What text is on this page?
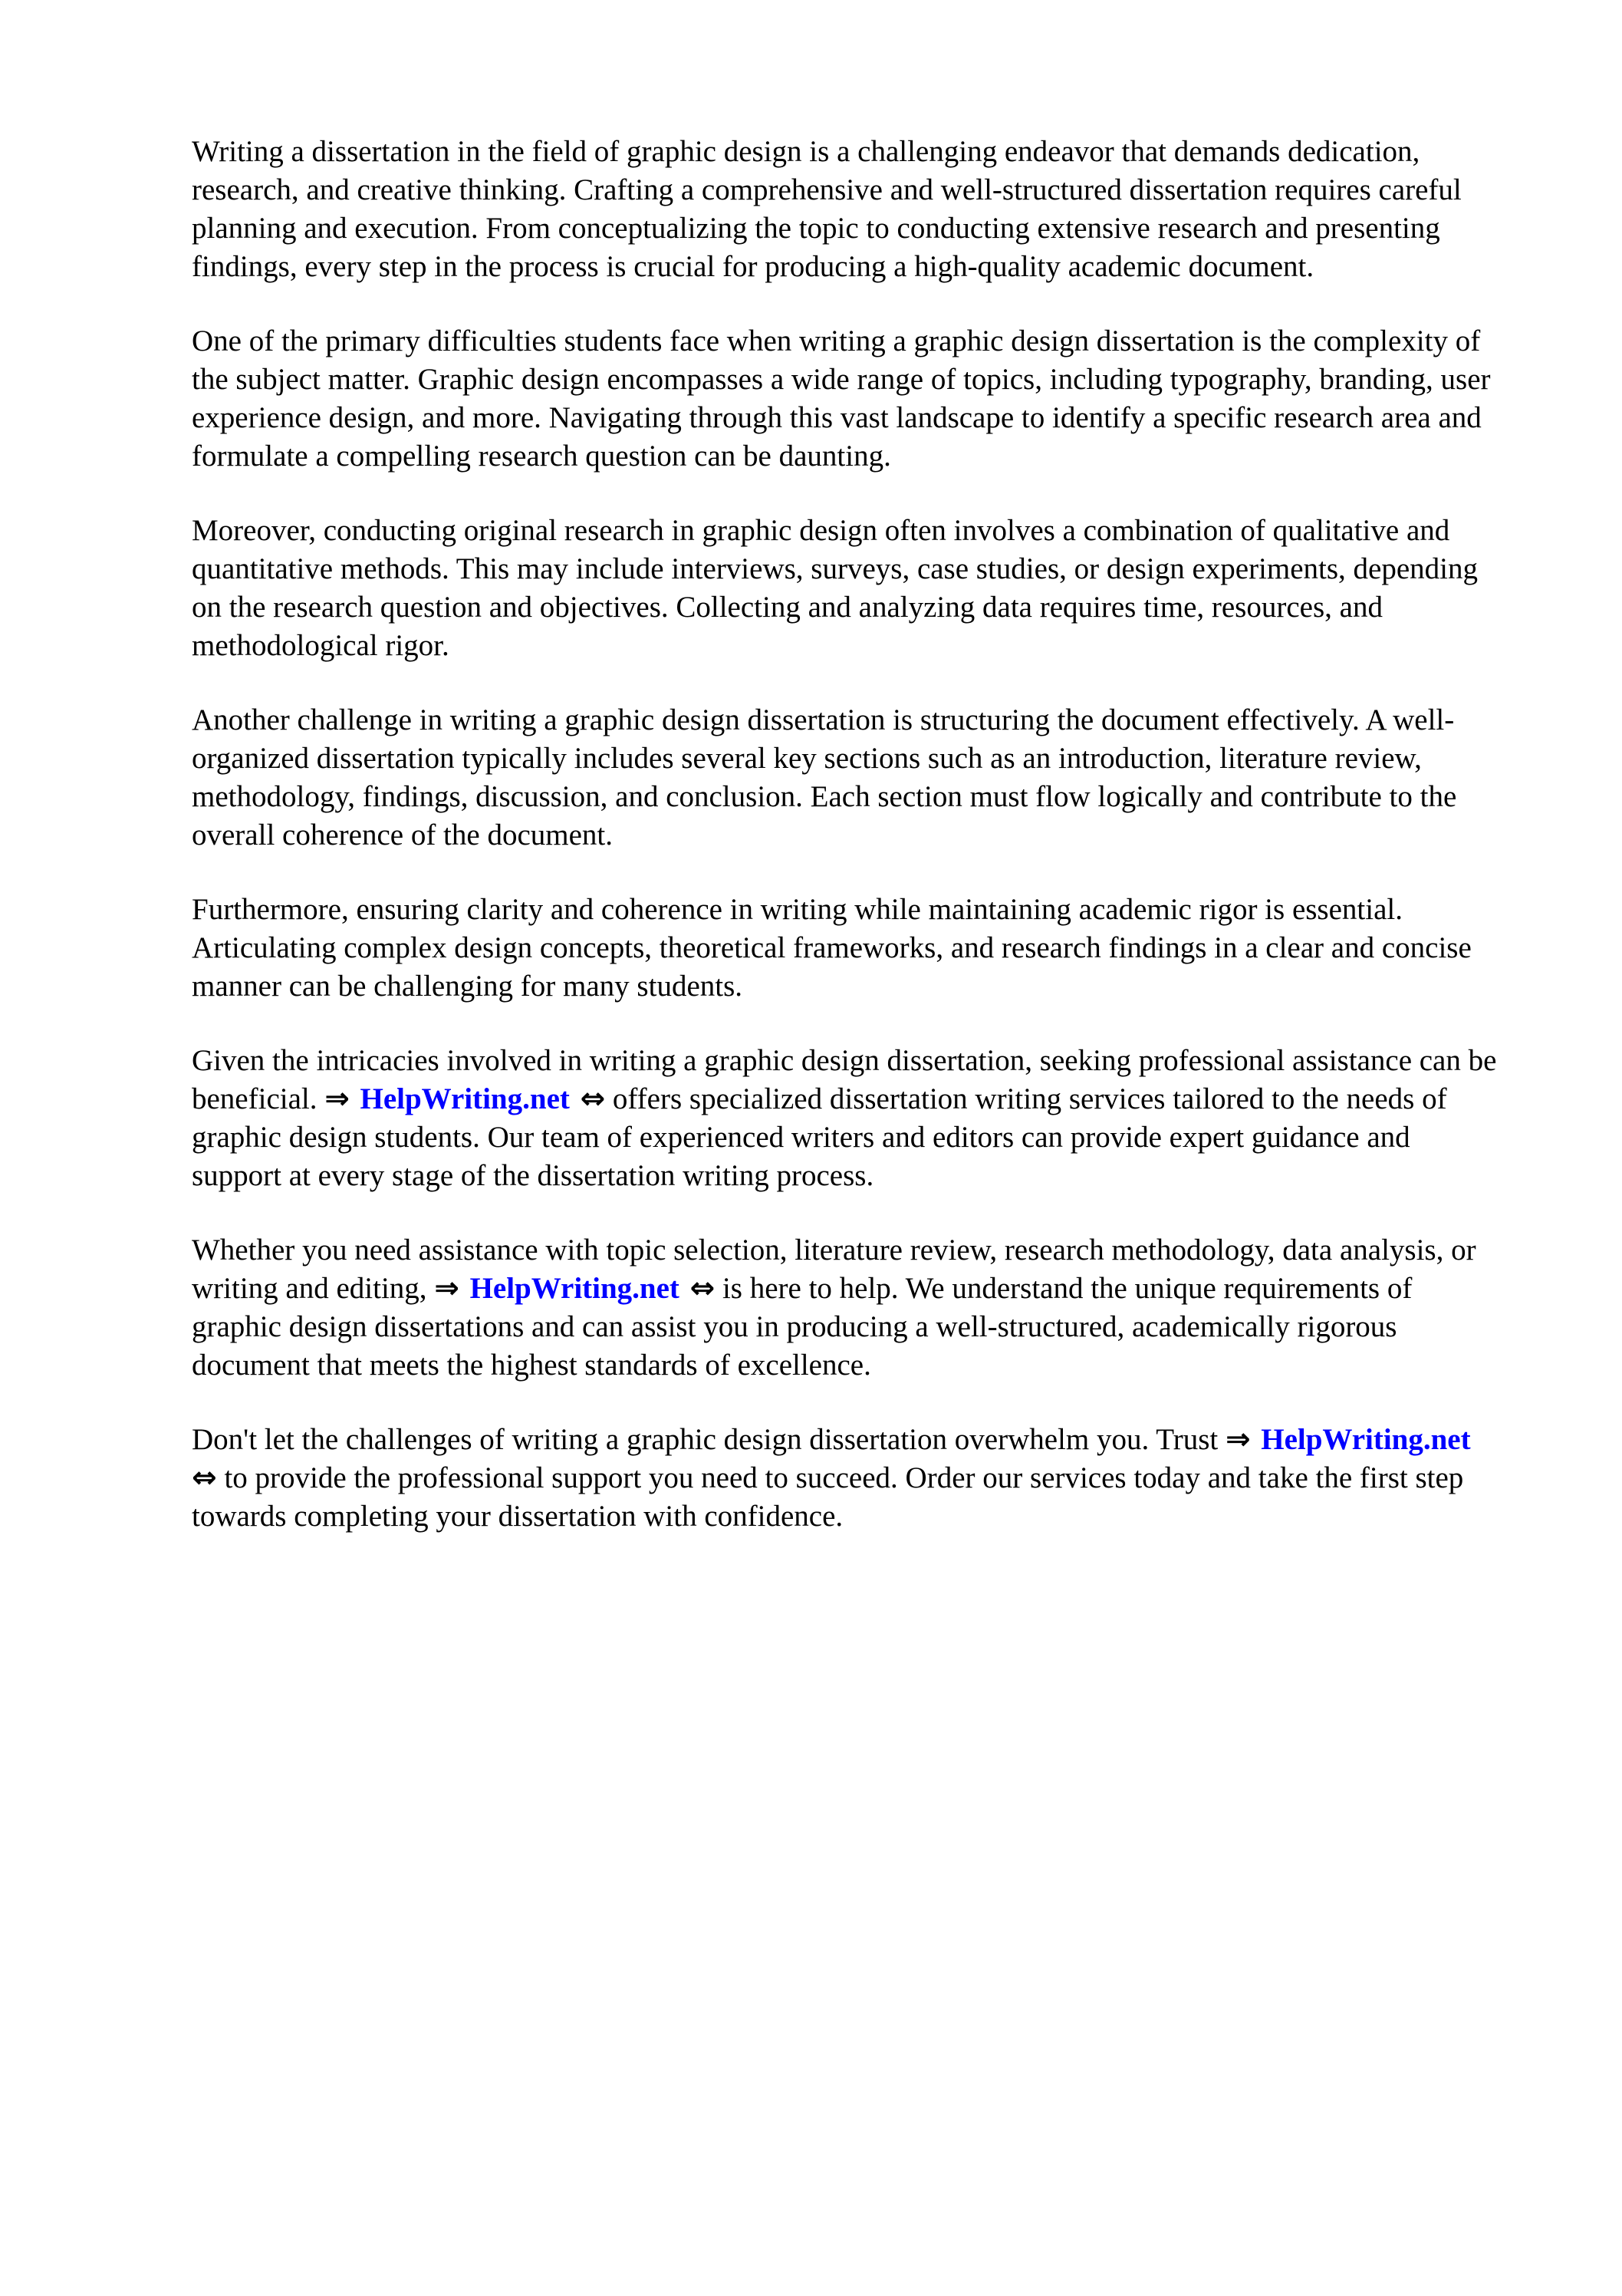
Writing a dissertation in the field of graphic design is a challenging endeavor that demands dedication, research, and creative thinking. Crafting a comprehensive and well-structured dissertation requires careful planning and execution. From conceptualizing the topic to conducting extensive research and presenting findings, every step in the process is crucial for producing a high-quality academic document.

One of the primary difficulties students face when writing a graphic design dissertation is the complexity of the subject matter. Graphic design encompasses a wide range of topics, including typography, branding, user experience design, and more. Navigating through this vast landscape to identify a specific research area and formulate a compelling research question can be daunting.

Moreover, conducting original research in graphic design often involves a combination of qualitative and quantitative methods. This may include interviews, surveys, case studies, or design experiments, depending on the research question and objectives. Collecting and analyzing data requires time, resources, and methodological rigor.

Another challenge in writing a graphic design dissertation is structuring the document effectively. A well-organized dissertation typically includes several key sections such as an introduction, literature review, methodology, findings, discussion, and conclusion. Each section must flow logically and contribute to the overall coherence of the document.

Furthermore, ensuring clarity and coherence in writing while maintaining academic rigor is essential. Articulating complex design concepts, theoretical frameworks, and research findings in a clear and concise manner can be challenging for many students.

Given the intricacies involved in writing a graphic design dissertation, seeking professional assistance can be beneficial. ⇒ HelpWriting.net ⇔ offers specialized dissertation writing services tailored to the needs of graphic design students. Our team of experienced writers and editors can provide expert guidance and support at every stage of the dissertation writing process.

Whether you need assistance with topic selection, literature review, research methodology, data analysis, or writing and editing, ⇒ HelpWriting.net ⇔ is here to help. We understand the unique requirements of graphic design dissertations and can assist you in producing a well-structured, academically rigorous document that meets the highest standards of excellence.

Don't let the challenges of writing a graphic design dissertation overwhelm you. Trust ⇒ HelpWriting.net ⇔ to provide the professional support you need to succeed. Order our services today and take the first step towards completing your dissertation with confidence.
